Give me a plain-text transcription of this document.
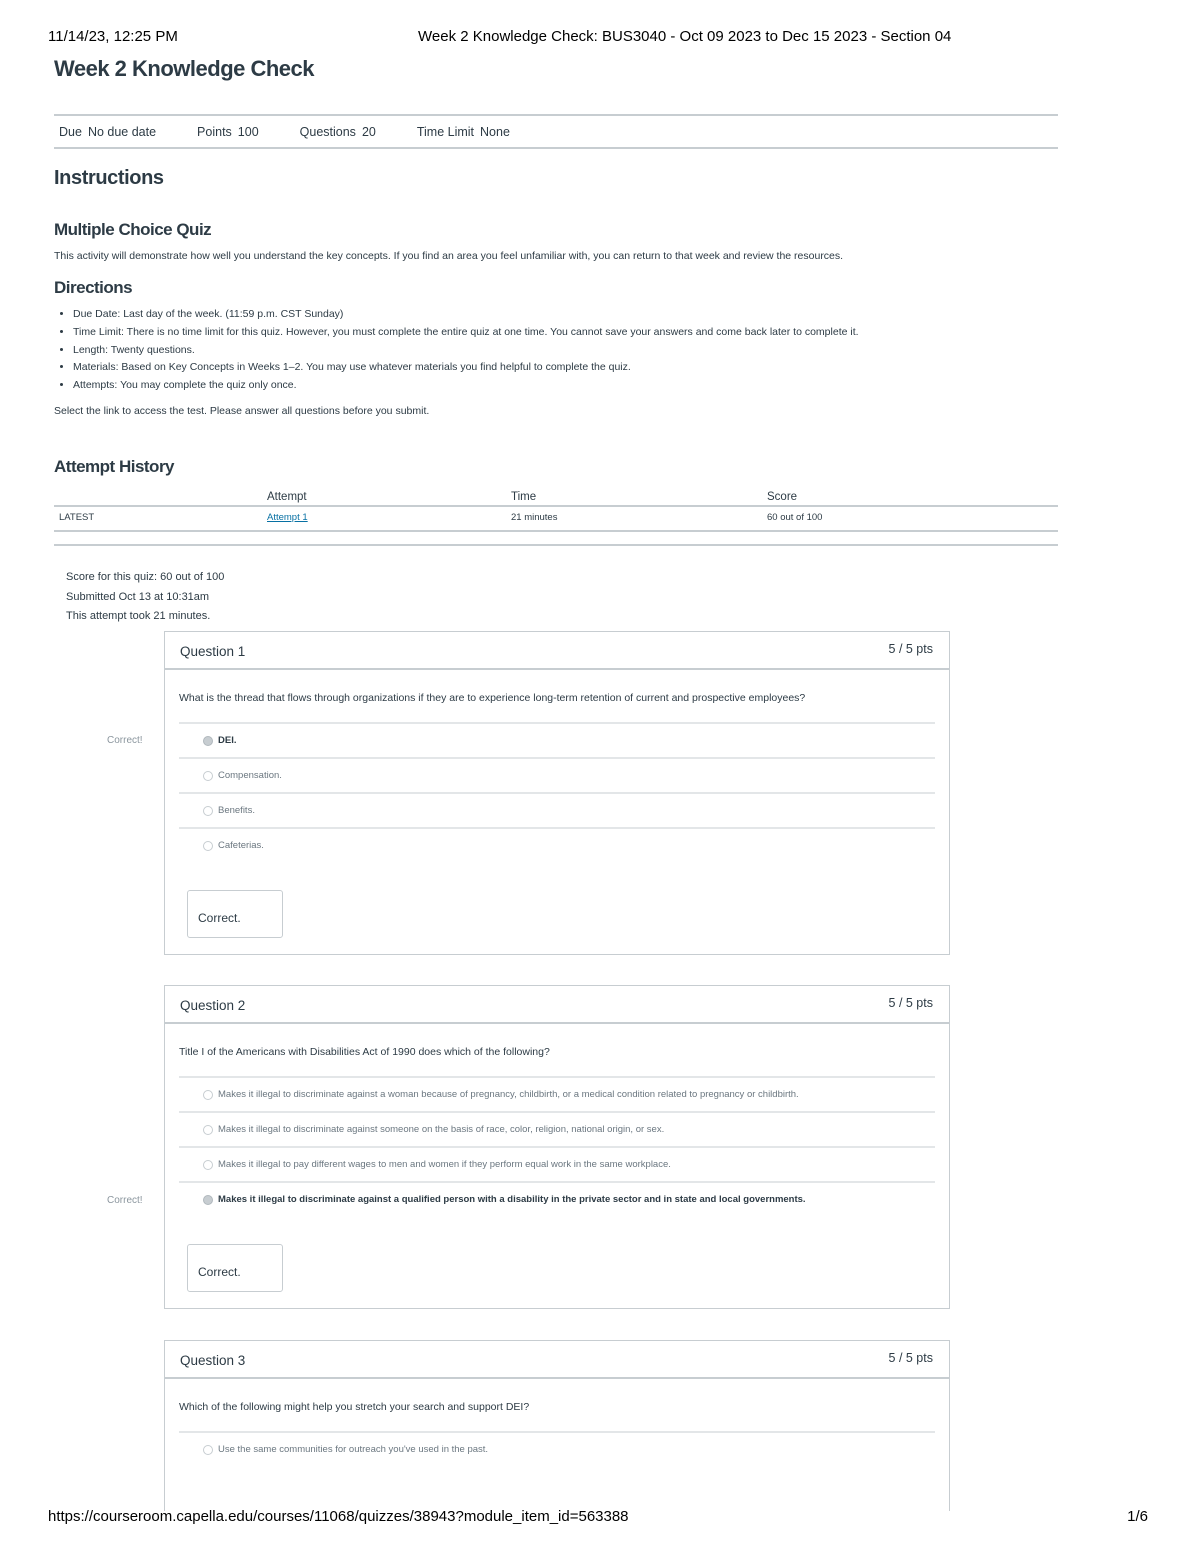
11/14/23, 12:25 PM	Week 2 Knowledge Check: BUS3040 - Oct 09 2023 to Dec 15 2023 - Section 04
Week 2 Knowledge Check
Due No due date	Points 100	Questions 20	Time Limit None
Instructions
Multiple Choice Quiz

This activity will demonstrate how well you understand the key concepts. If you find an area you feel unfamiliar with, you can return to that week and review the resources.

Directions
• Due Date: Last day of the week. (11:59 p.m. CST Sunday)
• Time Limit: There is no time limit for this quiz. However, you must complete the entire quiz at one time. You cannot save your answers and come back later to complete it.
• Length: Twenty questions.
• Materials: Based on Key Concepts in Weeks 1–2. You may use whatever materials you find helpful to complete the quiz.
• Attempts: You may complete the quiz only once.

Select the link to access the test. Please answer all questions before you submit.

Attempt History
	Attempt	Time	Score
LATEST	Attempt 1	21 minutes	60 out of 100
Score for this quiz: 60 out of 100
Submitted Oct 13 at 10:31am
This attempt took 21 minutes.
Correct!
Question 1	5 / 5 pts
What is the thread that flows through organizations if they are to experience long-term retention of current and prospective employees?
DEI.
Compensation.
Benefits.
Cafeterias.
Correct.
Correct!
Question 2	5 / 5 pts
Title I of the Americans with Disabilities Act of 1990 does which of the following?
Makes it illegal to discriminate against a woman because of pregnancy, childbirth, or a medical condition related to pregnancy or childbirth.
Makes it illegal to discriminate against someone on the basis of race, color, religion, national origin, or sex.
Makes it illegal to pay different wages to men and women if they perform equal work in the same workplace.
Makes it illegal to discriminate against a qualified person with a disability in the private sector and in state and local governments.
Correct.
Question 3	5 / 5 pts
Which of the following might help you stretch your search and support DEI?
Use the same communities for outreach you've used in the past.
https://courseroom.capella.edu/courses/11068/quizzes/38943?module_item_id=563388	1/6
